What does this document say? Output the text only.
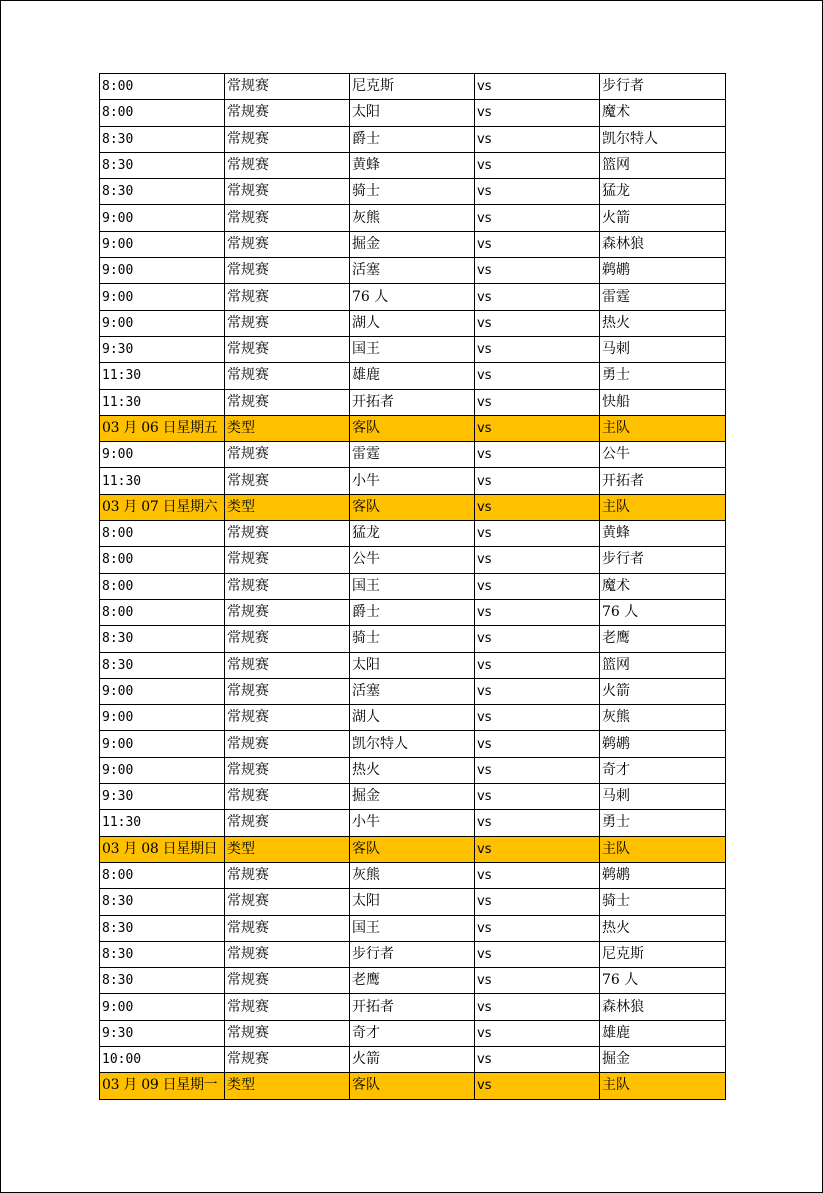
8:00	常规赛	尼克斯	vs	步行者
8:00	常规赛	太阳	vs	魔术
8:30	常规赛	爵士	vs	凯尔特人
8:30	常规赛	黄蜂	vs	篮网
8:30	常规赛	骑士	vs	猛龙
9:00	常规赛	灰熊	vs	火箭
9:00	常规赛	掘金	vs	森林狼
9:00	常规赛	活塞	vs	鹈鹕
9:00	常规赛	76 人	vs	雷霆
9:00	常规赛	湖人	vs	热火
9:30	常规赛	国王	vs	马刺
11:30	常规赛	雄鹿	vs	勇士
11:30	常规赛	开拓者	vs	快船
03 月 06 日星期五	类型	客队	vs	主队
9:00	常规赛	雷霆	vs	公牛
11:30	常规赛	小牛	vs	开拓者
03 月 07 日星期六	类型	客队	vs	主队
8:00	常规赛	猛龙	vs	黄蜂
8:00	常规赛	公牛	vs	步行者
8:00	常规赛	国王	vs	魔术
8:00	常规赛	爵士	vs	76 人
8:30	常规赛	骑士	vs	老鹰
8:30	常规赛	太阳	vs	篮网
9:00	常规赛	活塞	vs	火箭
9:00	常规赛	湖人	vs	灰熊
9:00	常规赛	凯尔特人	vs	鹈鹕
9:00	常规赛	热火	vs	奇才
9:30	常规赛	掘金	vs	马刺
11:30	常规赛	小牛	vs	勇士
03 月 08 日星期日	类型	客队	vs	主队
8:00	常规赛	灰熊	vs	鹈鹕
8:30	常规赛	太阳	vs	骑士
8:30	常规赛	国王	vs	热火
8:30	常规赛	步行者	vs	尼克斯
8:30	常规赛	老鹰	vs	76 人
9:00	常规赛	开拓者	vs	森林狼
9:30	常规赛	奇才	vs	雄鹿
10:00	常规赛	火箭	vs	掘金
03 月 09 日星期一	类型	客队	vs	主队
